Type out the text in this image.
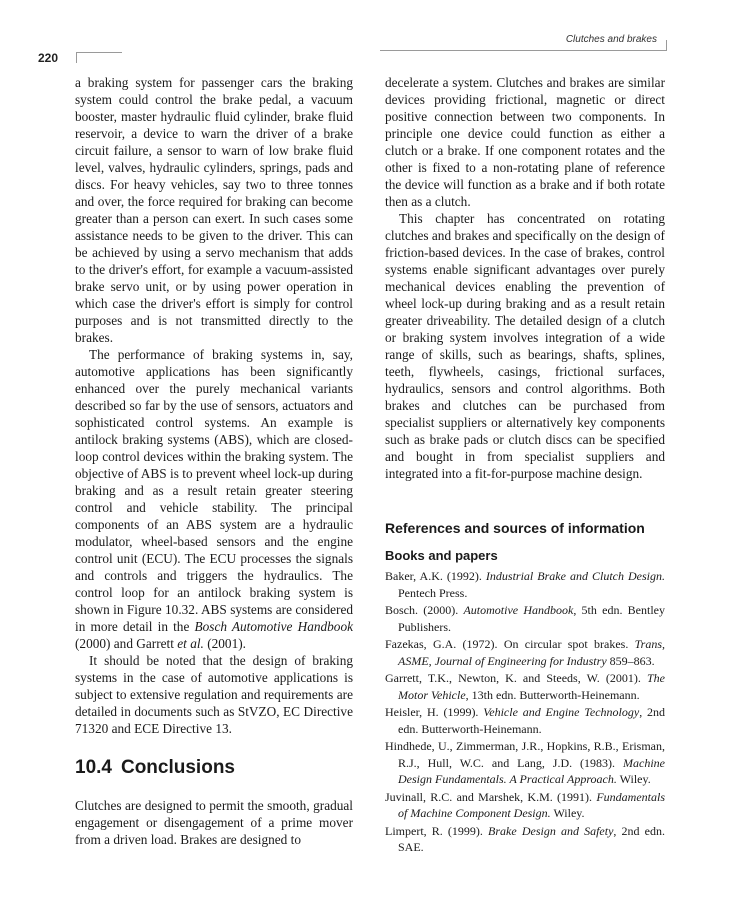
Clutches and brakes
220

a braking system for passenger cars the braking system could control the brake pedal, a vacuum booster, master hydraulic fluid cylinder, brake fluid reservoir, a device to warn the driver of a brake circuit failure, a sensor to warn of low brake fluid level, valves, hydraulic cylinders, springs, pads and discs. For heavy vehicles, say two to three tonnes and over, the force required for braking can become greater than a person can exert. In such cases some assistance needs to be given to the driver. This can be achieved by using a servo mechanism that adds to the driver's effort, for example a vacuum-assisted brake servo unit, or by using power operation in which case the driver's effort is simply for control purposes and is not transmitted directly to the brakes.

The performance of braking systems in, say, automotive applications has been significantly enhanced over the purely mechanical variants described so far by the use of sensors, actuators and sophisticated control systems. An example is antilock braking systems (ABS), which are closed-loop control devices within the braking system. The objective of ABS is to prevent wheel lock-up during braking and as a result retain greater steering control and vehicle stability. The principal components of an ABS system are a hydraulic modulator, wheel-based sensors and the engine control unit (ECU). The ECU processes the signals and controls and triggers the hydraulics. The control loop for an antilock braking system is shown in Figure 10.32. ABS systems are considered in more detail in the Bosch Automotive Handbook (2000) and Garrett et al. (2001).

It should be noted that the design of braking systems in the case of automotive applications is subject to extensive regulation and requirements are detailed in documents such as StVZO, EC Directive 71320 and ECE Directive 13.

10.4 Conclusions

Clutches are designed to permit the smooth, gradual engagement or disengagement of a prime mover from a driven load. Brakes are designed to

decelerate a system. Clutches and brakes are similar devices providing frictional, magnetic or direct positive connection between two components. In principle one device could function as either a clutch or a brake. If one component rotates and the other is fixed to a non-rotating plane of reference the device will function as a brake and if both rotate then as a clutch.

This chapter has concentrated on rotating clutches and brakes and specifically on the design of friction-based devices. In the case of brakes, control systems enable significant advantages over purely mechanical devices enabling the prevention of wheel lock-up during braking and as a result retain greater driveability. The detailed design of a clutch or braking system involves integration of a wide range of skills, such as bearings, shafts, splines, teeth, flywheels, casings, frictional surfaces, hydraulics, sensors and control algorithms. Both brakes and clutches can be purchased from specialist suppliers or alternatively key components such as brake pads or clutch discs can be specified and bought in from specialist suppliers and integrated into a fit-for-purpose machine design.

References and sources of information
Books and papers
Baker, A.K. (1992). Industrial Brake and Clutch Design. Pentech Press.
Bosch. (2000). Automotive Handbook, 5th edn. Bentley Publishers.
Fazekas, G.A. (1972). On circular spot brakes. Trans, ASME, Journal of Engineering for Industry 859–863.
Garrett, T.K., Newton, K. and Steeds, W. (2001). The Motor Vehicle, 13th edn. Butterworth-Heinemann.
Heisler, H. (1999). Vehicle and Engine Technology, 2nd edn. Butterworth-Heinemann.
Hindhede, U., Zimmerman, J.R., Hopkins, R.B., Erisman, R.J., Hull, W.C. and Lang, J.D. (1983). Machine Design Fundamentals. A Practical Approach. Wiley.
Juvinall, R.C. and Marshek, K.M. (1991). Fundamentals of Machine Component Design. Wiley.
Limpert, R. (1999). Brake Design and Safety, 2nd edn. SAE.
